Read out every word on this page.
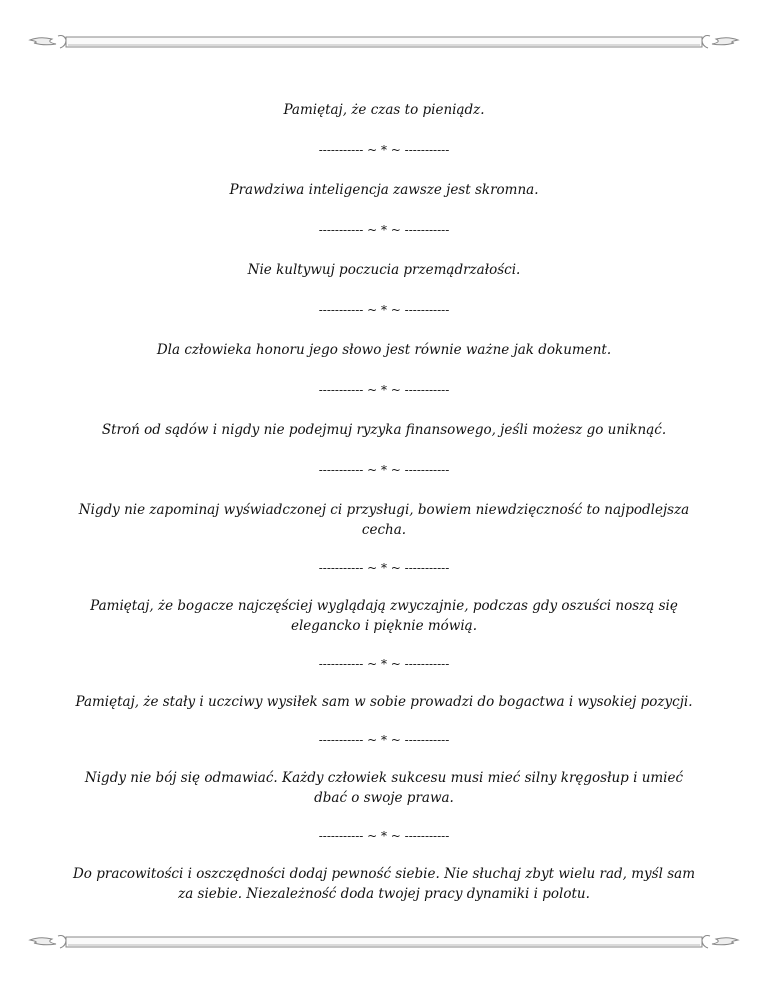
Pamiętaj, że czas to pieniądz.

----------- ~ * ~ -----------

Prawdziwa inteligencja zawsze jest skromna.

----------- ~ * ~ -----------

Nie kultywuj poczucia przemądrzałości.

----------- ~ * ~ -----------

Dla człowieka honoru jego słowo jest równie ważne jak dokument.

----------- ~ * ~ -----------

Stroń od sądów i nigdy nie podejmuj ryzyka finansowego, jeśli możesz go uniknąć.

----------- ~ * ~ -----------

Nigdy nie zapominaj wyświadczonej ci przysługi, bowiem niewdzięczność to najpodlejsza cecha.

----------- ~ * ~ -----------

Pamiętaj, że bogacze najczęściej wyglądają zwyczajnie, podczas gdy oszuści noszą się elegancko i pięknie mówią.

----------- ~ * ~ -----------

Pamiętaj, że stały i uczciwy wysiłek sam w sobie prowadzi do bogactwa i wysokiej pozycji.

----------- ~ * ~ -----------

Nigdy nie bój się odmawiać. Każdy człowiek sukcesu musi mieć silny kręgosłup i umieć dbać o swoje prawa.

----------- ~ * ~ -----------

Do pracowitości i oszczędności dodaj pewność siebie. Nie słuchaj zbyt wielu rad, myśl sam za siebie. Niezależność doda twojej pracy dynamiki i polotu.
